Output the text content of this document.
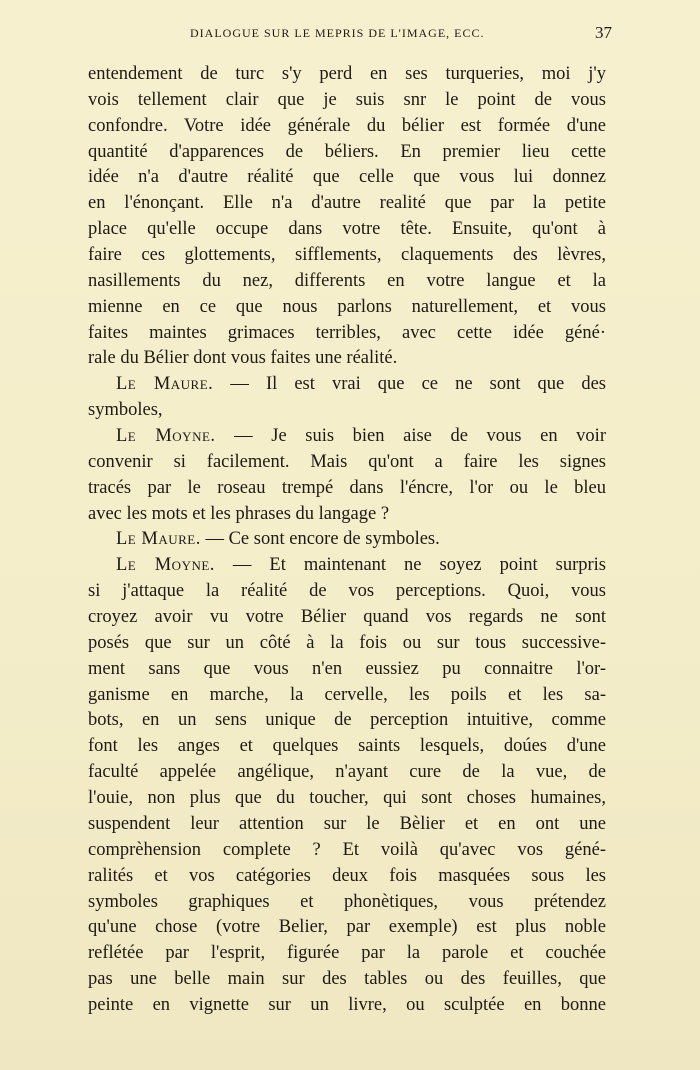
DIALOGUE SUR LE MEPRIS DE L'IMAGE, ECC.	37
entendement de turc s'y perd en ses turqueries, moi j'y
vois tellement clair que je suis snr le point de vous
confondre. Votre idée générale du bélier est formée d'une
quantité d'apparences de béliers. En premier lieu cette
idée n'a d'autre réalité que celle que vous lui donnez
en l'énonçant. Elle n'a d'autre realité que par la petite
place qu'elle occupe dans votre tête. Ensuite, qu'ont à
faire ces glottements, sifflements, claquements des lèvres,
nasillements du nez, differents en votre langue et la
mienne en ce que nous parlons naturellement, et vous
faites maintes grimaces terribles, avec cette idée géné·
rale du Bélier dont vous faites une réalité.
Le Maure. — Il est vrai que ce ne sont que des
symboles,
Le Moyne. — Je suis bien aise de vous en voir
convenir si facilement. Mais qu'ont a faire les signes
tracés par le roseau trempé dans l'éncre, l'or ou le bleu
avec les mots et les phrases du langage ?
Le Maure. — Ce sont encore de symboles.
Le Moyne. — Et maintenant ne soyez point surpris
si j'attaque la réalité de vos perceptions. Quoi, vous
croyez avoir vu votre Bélier quand vos regards ne sont
posés que sur un côté à la fois ou sur tous successive-
ment sans que vous n'en eussiez pu connaitre l'or-
ganisme en marche, la cervelle, les poils et les sa-
bots, en un sens unique de perception intuitive, comme
font les anges et quelques saints lesquels, doúes d'une
faculté appelée angélique, n'ayant cure de la vue, de
l'ouie, non plus que du toucher, qui sont choses humaines,
suspendent leur attention sur le Bèlier et en ont une
comprèhension complete ? Et voilà qu'avec vos géné-
ralités et vos catégories deux fois masquées sous les
symboles graphiques et phonètiques, vous prétendez
qu'une chose (votre Belier, par exemple) est plus noble
reflétée par l'esprit, figurée par la parole et couchée
pas une belle main sur des tables ou des feuilles, que
peinte en vignette sur un livre, ou sculptée en bonne
